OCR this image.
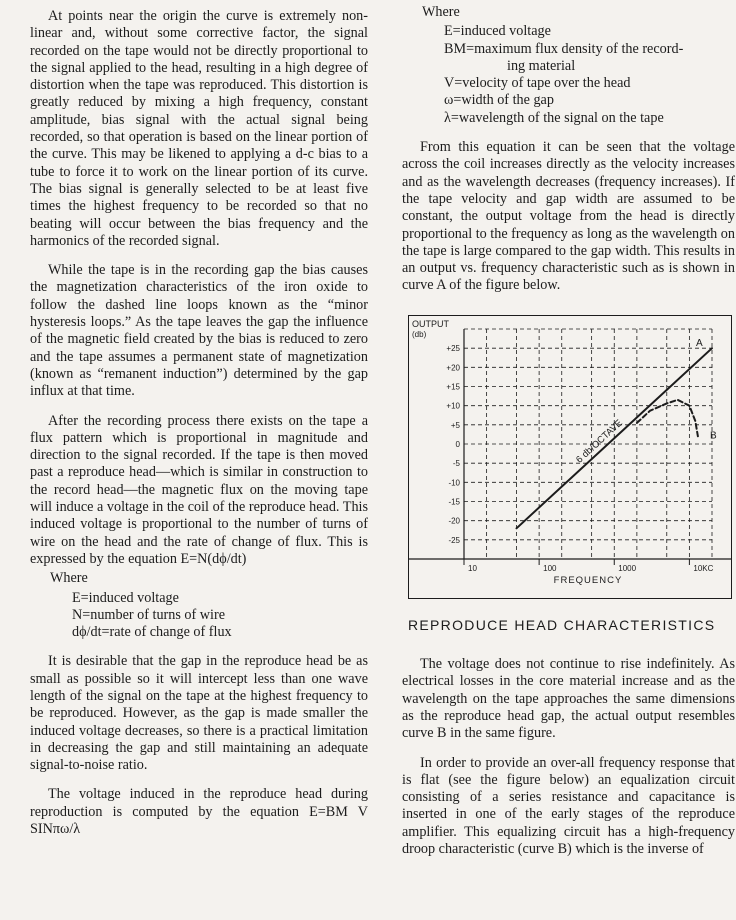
At points near the origin the curve is extremely non-linear and, without some corrective factor, the signal recorded on the tape would not be directly proportional to the signal applied to the head, resulting in a high degree of distortion when the tape was reproduced. This distortion is greatly reduced by mixing a high frequency, constant amplitude, bias signal with the actual signal being recorded, so that operation is based on the linear portion of the curve. This may be likened to applying a d-c bias to a tube to force it to work on the linear portion of its curve. The bias signal is generally selected to be at least five times the highest frequency to be recorded so that no beating will occur between the bias frequency and the harmonics of the recorded signal.

While the tape is in the recording gap the bias causes the magnetization characteristics of the iron oxide to follow the dashed line loops known as the “minor hysteresis loops.” As the tape leaves the gap the influence of the magnetic field created by the bias is reduced to zero and the tape assumes a permanent state of magnetization (known as “remanent induction”) determined by the gap influx at that time.

After the recording process there exists on the tape a flux pattern which is proportional in magnitude and direction to the signal recorded. If the tape is then moved past a reproduce head—which is similar in construction to the record head—the magnetic flux on the moving tape will induce a voltage in the coil of the reproduce head. This induced voltage is proportional to the number of turns of wire on the head and the rate of change of flux. This is expressed by the equation E=N(dϕ/dt)

Where
E=induced voltage
N=number of turns of wire
dϕ/dt=rate of change of flux

It is desirable that the gap in the reproduce head be as small as possible so it will intercept less than one wave length of the signal on the tape at the highest frequency to be reproduced. However, as the gap is made smaller the induced voltage decreases, so there is a practical limitation in decreasing the gap and still maintaining an adequate signal-to-noise ratio.

The voltage induced in the reproduce head during reproduction is computed by the equation E=BM V SINπω/λ

Where
E=induced voltage
BM=maximum flux density of the record-
ing material
V=velocity of tape over the head
ω=width of the gap
λ=wavelength of the signal on the tape

From this equation it can be seen that the voltage across the coil increases directly as the velocity increases and as the wavelength decreases (frequency increases). If the tape velocity and gap width are assumed to be constant, the output voltage from the head is directly proportional to the frequency as long as the wavelength on the tape is large compared to the gap width. This results in an output vs. frequency characteristic such as is shown in curve A of the figure below.

+25
+20
+15
+10
+5
0
-5
-10
-15
-20
-25
10	100	1000	10KC
OUTPUT
(db)
FREQUENCY
A
B
6 db/OCTAVE
REPRODUCE HEAD CHARACTERISTICS

The voltage does not continue to rise indefinitely. As electrical losses in the core material increase and as the wavelength on the tape approaches the same dimensions as the reproduce head gap, the actual output resembles curve B in the same figure.

In order to provide an over-all frequency response that is flat (see the figure below) an equalization circuit consisting of a series resistance and capacitance is inserted in one of the early stages of the reproduce amplifier. This equalizing circuit has a high-frequency droop characteristic (curve B) which is the inverse of
